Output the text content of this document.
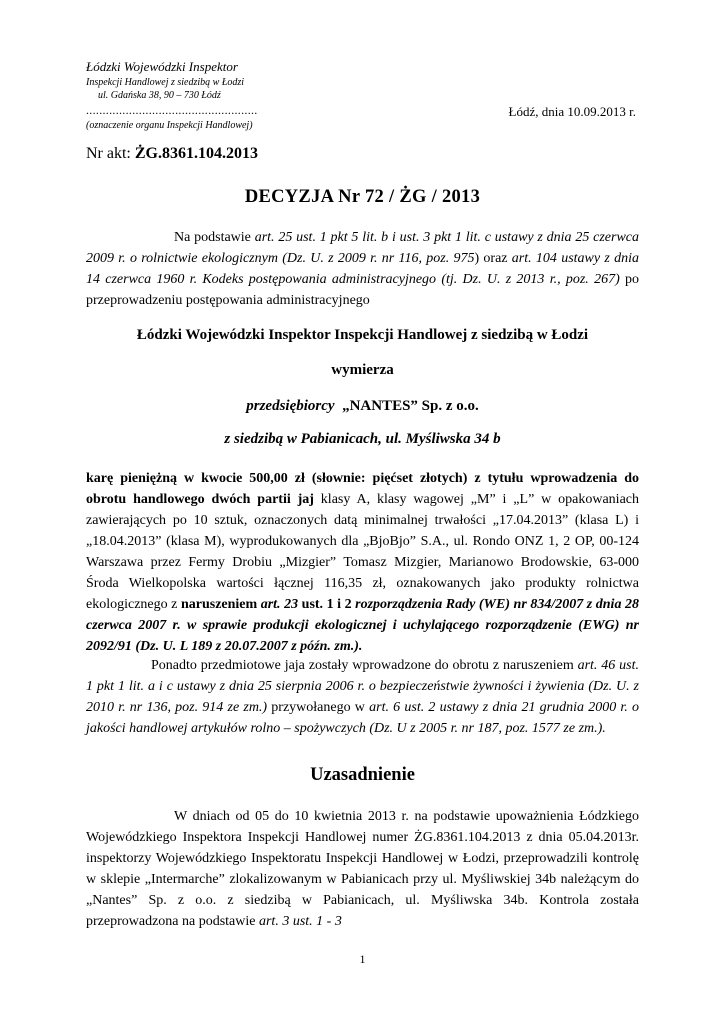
Łódzki Wojewódzki Inspektor
Inspekcji Handlowej z siedzibą w Łodzi
ul. Gdańska 38, 90 – 730 Łódź
....................................................
(oznaczenie organu Inspekcji Handlowej)
Łódź, dnia 10.09.2013 r.
Nr akt: ŻG.8361.104.2013
DECYZJA Nr 72 / ŻG / 2013

Na podstawie art. 25 ust. 1 pkt 5 lit. b i ust. 3 pkt 1 lit. c ustawy z dnia 25 czerwca 2009 r. o rolnictwie ekologicznym (Dz. U. z 2009 r. nr 116, poz. 975) oraz art. 104 ustawy z dnia 14 czerwca 1960 r. Kodeks postępowania administracyjnego (tj. Dz. U. z 2013 r., poz. 267) po przeprowadzeniu postępowania administracyjnego

Łódzki Wojewódzki Inspektor Inspekcji Handlowej z siedzibą w Łodzi
wymierza
przedsiębiorcy „NANTES” Sp. z o.o.
z siedzibą w Pabianicach, ul. Myśliwska 34 b

karę pieniężną w kwocie 500,00 zł (słownie: pięćset złotych) z tytułu wprowadzenia do obrotu handlowego dwóch partii jaj klasy A, klasy wagowej „M” i „L” w opakowaniach zawierających po 10 sztuk, oznaczonych datą minimalnej trwałości „17.04.2013” (klasa L) i „18.04.2013” (klasa M), wyprodukowanych dla „BjoBjo” S.A., ul. Rondo ONZ 1, 2 OP, 00-124 Warszawa przez Fermy Drobiu „Mizgier” Tomasz Mizgier, Marianowo Brodowskie, 63-000 Środa Wielkopolska wartości łącznej 116,35 zł, oznakowanych jako produkty rolnictwa ekologicznego z naruszeniem art. 23 ust. 1 i 2 rozporządzenia Rady (WE) nr 834/2007 z dnia 28 czerwca 2007 r. w sprawie produkcji ekologicznej i uchylającego rozporządzenie (EWG) nr 2092/91 (Dz. U. L 189 z 20.07.2007 z późn. zm.).

Ponadto przedmiotowe jaja zostały wprowadzone do obrotu z naruszeniem art. 46 ust. 1 pkt 1 lit. a i c ustawy z dnia 25 sierpnia 2006 r. o bezpieczeństwie żywności i żywienia (Dz. U. z 2010 r. nr 136, poz. 914 ze zm.) przywołanego w art. 6 ust. 2 ustawy z dnia 21 grudnia 2000 r. o jakości handlowej artykułów rolno – spożywczych (Dz. U z 2005 r. nr 187, poz. 1577 ze zm.).

Uzasadnienie

W dniach od 05 do 10 kwietnia 2013 r. na podstawie upoważnienia Łódzkiego Wojewódzkiego Inspektora Inspekcji Handlowej numer ŻG.8361.104.2013 z dnia 05.04.2013r. inspektorzy Wojewódzkiego Inspektoratu Inspekcji Handlowej w Łodzi, przeprowadzili kontrolę w sklepie „Intermarche” zlokalizowanym w Pabianicach przy ul. Myśliwskiej 34b należącym do „Nantes” Sp. z o.o. z siedzibą w Pabianicach, ul. Myśliwska 34b. Kontrola została przeprowadzona na podstawie art. 3 ust. 1 - 3

1
